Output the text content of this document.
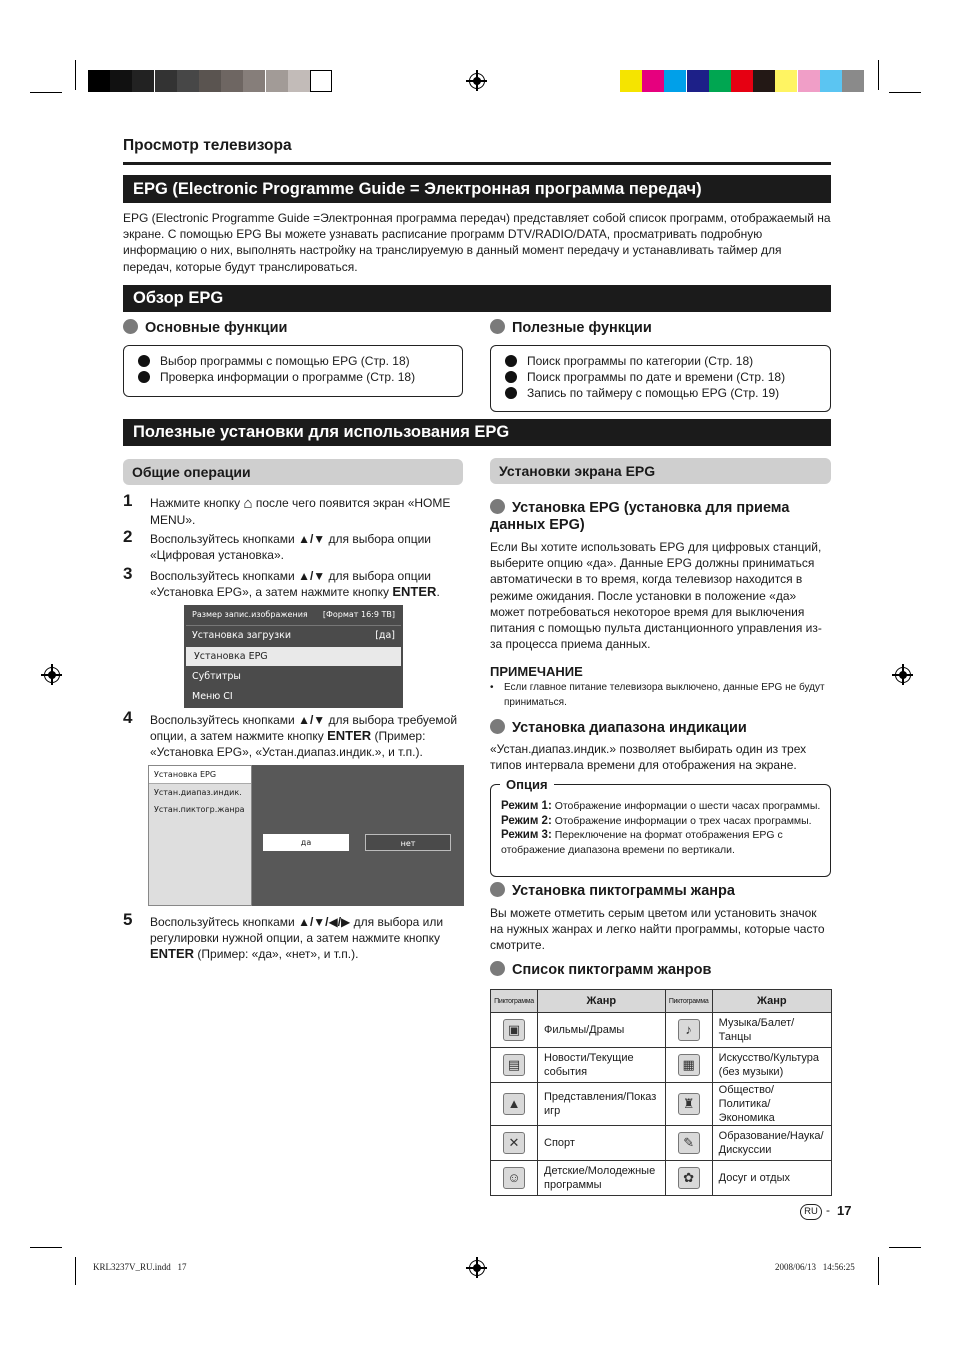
Просмотр телевизора
EPG (Electronic Programme Guide = Электронная программа передач)
EPG (Electronic Programme Guide =Электронная программа передач) представляет собой список программ, отображаемый на экране. С помощью EPG Вы можете узнавать расписание программ DTV/RADIO/DATA, просматривать подробную информацию о них, выполнять настройку на транслируемую в данный момент передачу и устанавливать таймер для передач, которые будут транслироваться.
Обзор EPG
Основные функции
Выбор программы с помощью EPG (Стр. 18)
Проверка информации о программе (Стр. 18)
Полезные функции
Поиск программы по категории (Стр. 18)
Поиск программы по дате и времени (Стр. 18)
Запись по таймеру с помощью EPG (Стр. 19)
Полезные установки для использования EPG
Общие операции
1 Нажмите кнопку ⌂ после чего появится экран «HOME MENU».
2 Воспользуйтесь кнопками ▲/▼ для выбора опции «Цифровая установка».
3 Воспользуйтесь кнопками ▲/▼ для выбора опции «Установка EPG», а затем нажмите кнопку ENTER.
Размер запис.изображения [Формат 16:9 TB]
Установка загрузки	[да]
Установка EPG
Субтитры
Меню CI
4 Воспользуйтесь кнопками ▲/▼ для выбора требуемой опции, а затем нажмите кнопку ENTER (Пример: «Установка EPG», «Устан.диапаз.индик.», и т.п.).
Установка EPG
Устан.диапаз.индик.
Устан.пиктогр.жанра
да	нет
5 Воспользуйтесь кнопками ▲/▼/◀/▶ для выбора или регулировки нужной опции, а затем нажмите кнопку ENTER (Пример: «да», «нет», и т.п.).
Установки экрана EPG
Установка EPG (установка для приема данных EPG)
Если Вы хотите использовать EPG для цифровых станций, выберите опцию «да». Данные EPG должны приниматься автоматически в то время, когда телевизор находится в режиме ожидания. После установки в положение «да» может потребоваться некоторое время для выключения питания с помощью пульта дистанционного управления из-за процесса приема данных.
ПРИМЕЧАНИЕ
• Если главное питание телевизора выключено, данные EPG не будут приниматься.
Установка диапазона индикации
«Устан.диапаз.индик.» позволяет выбирать один из трех типов интервала времени для отображения на экране.
Режим 1: Отображение информации о шести часах программы.
Режим 2: Отображение информации о трех часах программы.
Режим 3: Переключение на формат отображения EPG с отображение диапазона времени по вертикали.
Опция
Установка пиктограммы жанра
Вы можете отметить серым цветом или установить значок на нужных жанрах и легко найти программы, которые часто смотрите.
Список пиктограмм жанров
Пиктограмма	Жанр	Пиктограмма	Жанр
▣	Фильмы/Драмы	♪	Музыка/Балет/Танцы
▤	Новости/Текущие события	▦	Искусство/Культура (без музыки)
▲	Представления/Показ игр	♜	Общество/Политика/ Экономика
✕	Спорт	✎	Образование/Наука/ Дискуссии
☺	Детские/Молодежные программы	✿	Досуг и отдых
RU - 17
KRL3237V_RU.indd   17	2008/06/13   14:56:25
